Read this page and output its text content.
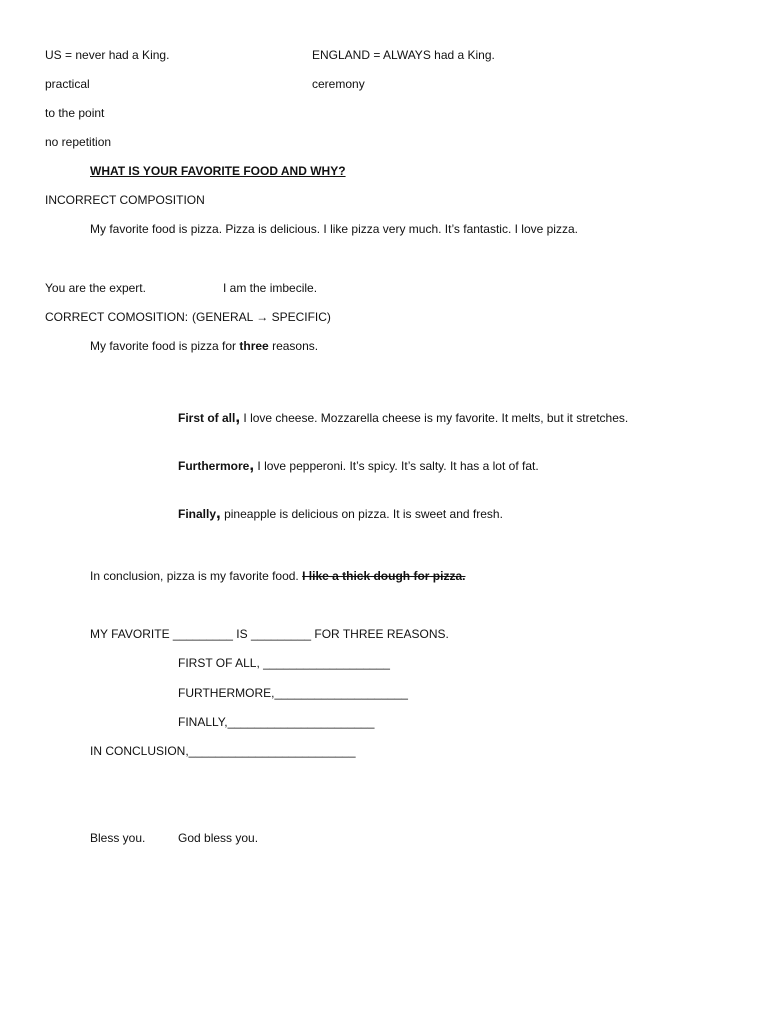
US = never had a King.	ENGLAND = ALWAYS had a King.
practical	ceremony
to the point
no repetition
WHAT IS YOUR FAVORITE FOOD AND WHY?
INCORRECT COMPOSITION
My favorite food is pizza. Pizza is delicious. I like pizza very much. It’s fantastic. I love pizza.
You are the expert.	I am the imbecile.
CORRECT COMOSITION: (GENERAL → SPECIFIC)
My favorite food is pizza for three reasons.
First of all, I love cheese. Mozzarella cheese is my favorite. It melts, but it stretches.
Furthermore, I love pepperoni. It’s spicy. It’s salty. It has a lot of fat.
Finally, pineapple is delicious on pizza. It is sweet and fresh.
In conclusion, pizza is my favorite food. I like a thick dough for pizza.
MY FAVORITE _________ IS _________ FOR THREE REASONS.
FIRST OF ALL, ___________________
FURTHERMORE,____________________
FINALLY,______________________
IN CONCLUSION,_________________________
Bless you.	God bless you.
